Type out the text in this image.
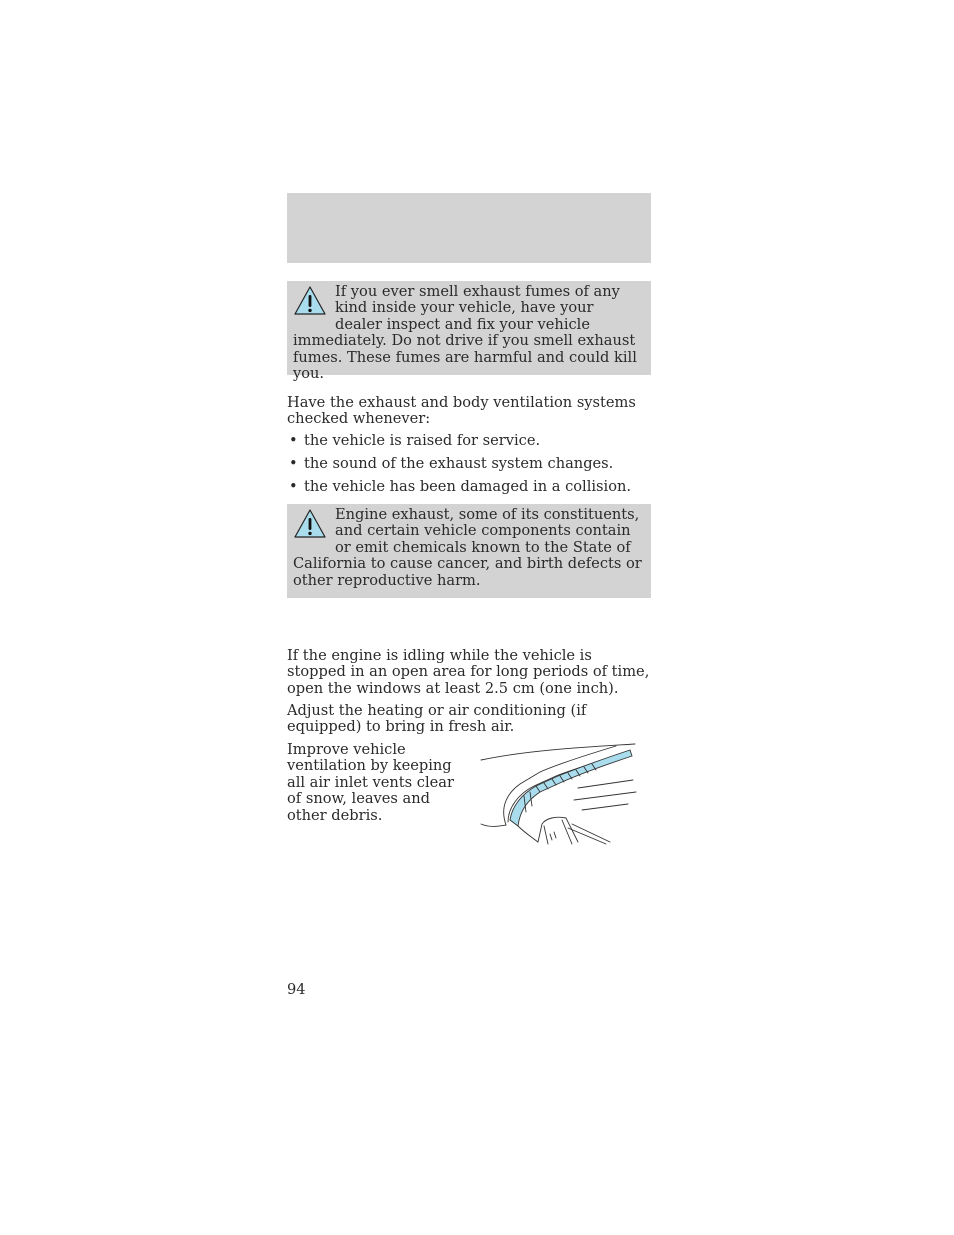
If you ever smell exhaust fumes of any kind inside your vehicle, have your dealer inspect and fix your vehicle immediately. Do not drive if you smell exhaust fumes. These fumes are harmful and could kill you.

Have the exhaust and body ventilation systems checked whenever:

• the vehicle is raised for service.
• the sound of the exhaust system changes.
• the vehicle has been damaged in a collision.

Engine exhaust, some of its constituents, and certain vehicle components contain or emit chemicals known to the State of California to cause cancer, and birth defects or other reproductive harm.

If the engine is idling while the vehicle is stopped in an open area for long periods of time, open the windows at least 2.5 cm (one inch).

Adjust the heating or air conditioning (if equipped) to bring in fresh air.

Improve vehicle ventilation by keeping all air inlet vents clear of snow, leaves and other debris.

94
